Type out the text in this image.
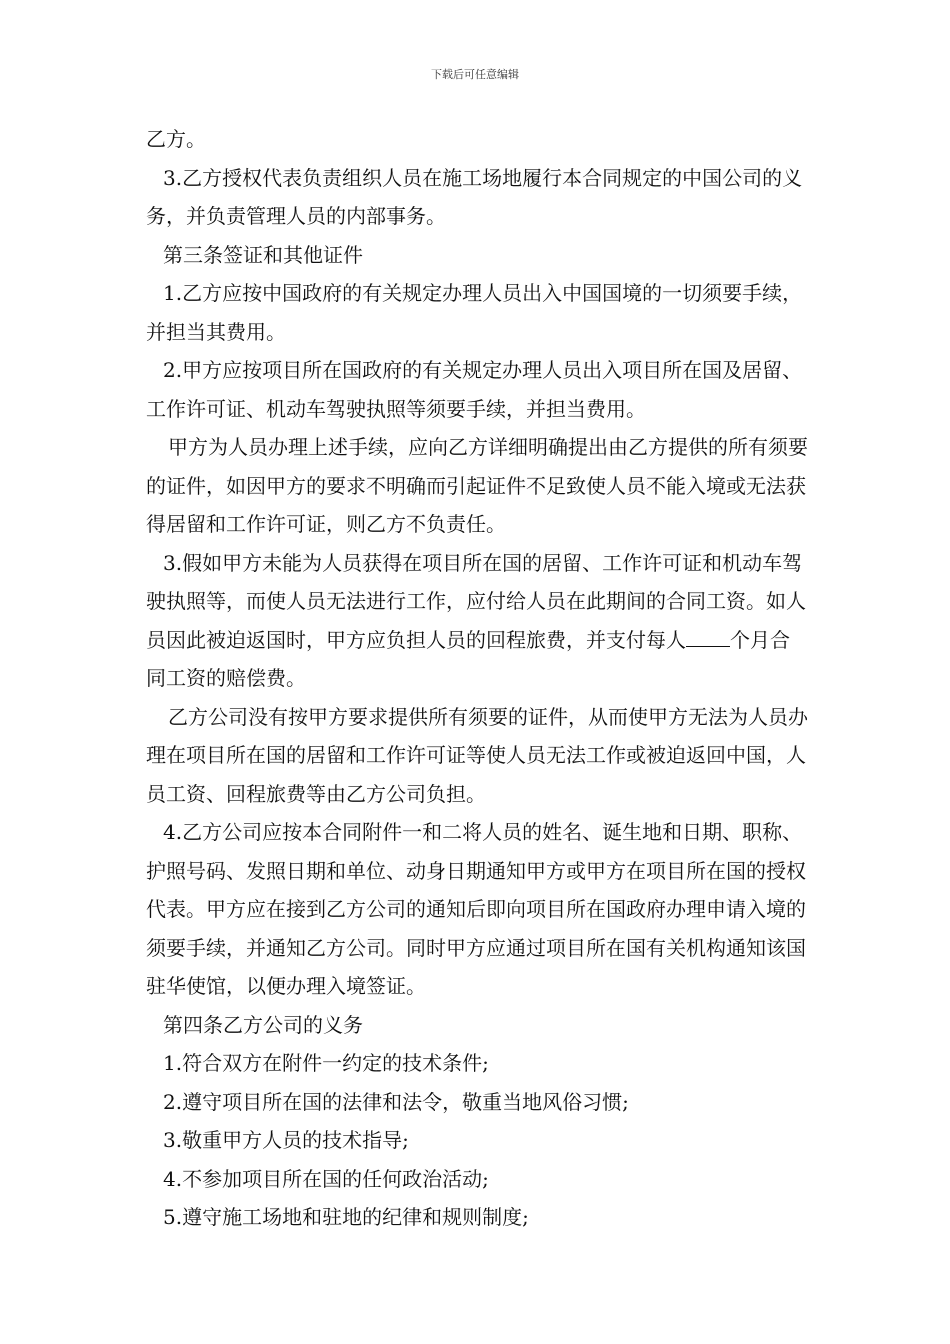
下载后可任意编辑

乙方。

3.乙方授权代表负责组织人员在施工场地履行本合同规定的中国公司的义务，并负责管理人员的内部事务。

第三条签证和其他证件

1.乙方应按中国政府的有关规定办理人员出入中国国境的一切须要手续，并担当其费用。

2.甲方应按项目所在国政府的有关规定办理人员出入项目所在国及居留、工作许可证、机动车驾驶执照等须要手续，并担当费用。

甲方为人员办理上述手续，应向乙方详细明确提出由乙方提供的所有须要的证件，如因甲方的要求不明确而引起证件不足致使人员不能入境或无法获得居留和工作许可证，则乙方不负责任。

3.假如甲方未能为人员获得在项目所在国的居留、工作许可证和机动车驾驶执照等，而使人员无法进行工作，应付给人员在此期间的合同工资。如人员因此被迫返国时，甲方应负担人员的回程旅费，并支付每人 个月合同工资的赔偿费。

乙方公司没有按甲方要求提供所有须要的证件，从而使甲方无法为人员办理在项目所在国的居留和工作许可证等使人员无法工作或被迫返回中国，人员工资、回程旅费等由乙方公司负担。

4.乙方公司应按本合同附件一和二将人员的姓名、诞生地和日期、职称、护照号码、发照日期和单位、动身日期通知甲方或甲方在项目所在国的授权代表。甲方应在接到乙方公司的通知后即向项目所在国政府办理申请入境的须要手续，并通知乙方公司。同时甲方应通过项目所在国有关机构通知该国驻华使馆，以便办理入境签证。

第四条乙方公司的义务

1.符合双方在附件一约定的技术条件;

2.遵守项目所在国的法律和法令，敬重当地风俗习惯;

3.敬重甲方人员的技术指导;

4.不参加项目所在国的任何政治活动;

5.遵守施工场地和驻地的纪律和规则制度;
